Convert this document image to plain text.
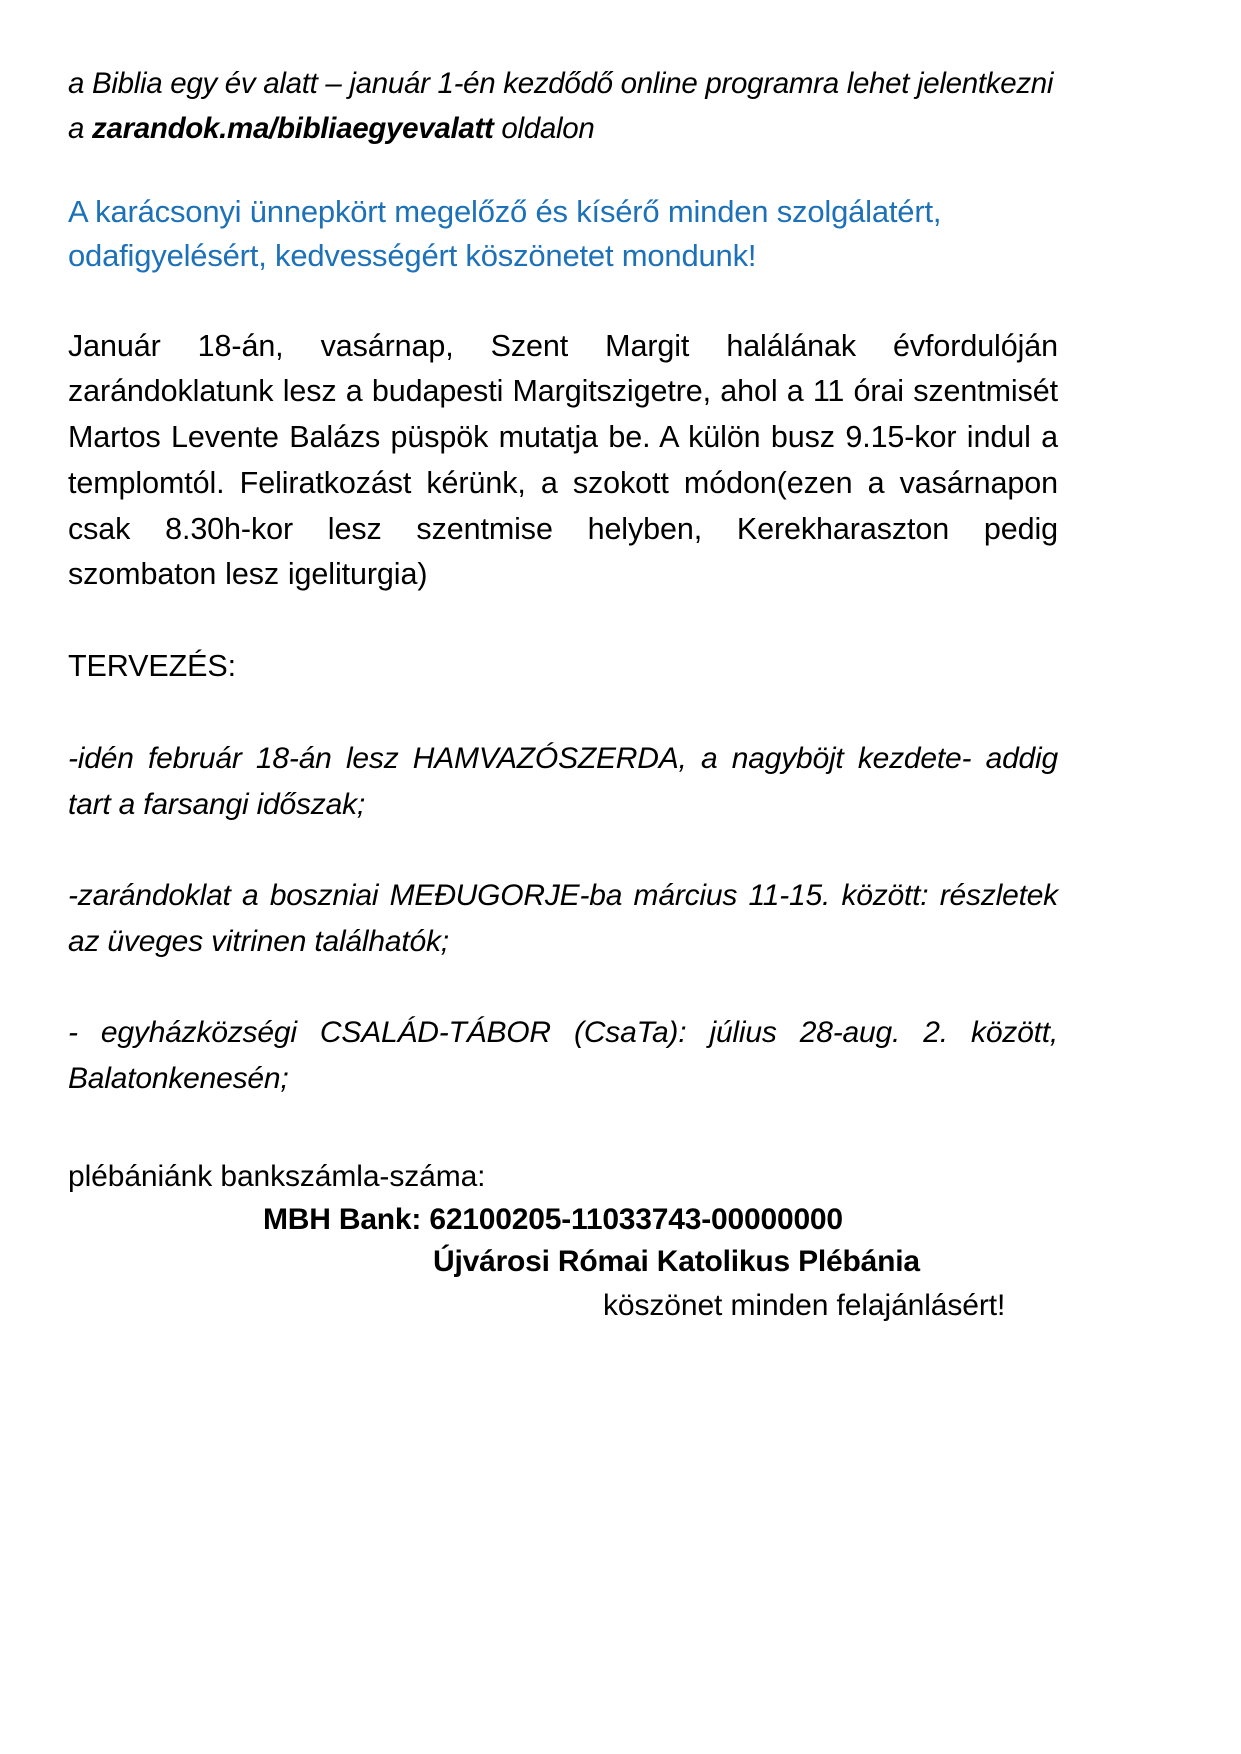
a Biblia egy év alatt – január 1-én kezdődő online programra lehet jelentkezni a zarandok.ma/bibliaegyevalatt oldalon

A karácsonyi ünnepkört megelőző és kísérő minden szolgálatért, odafigyelésért, kedvességért köszönetet mondunk!

Január 18-án, vasárnap, Szent Margit halálának évfordulóján zarándoklatunk lesz a budapesti Margitszigetre, ahol a 11 órai szentmisét Martos Levente Balázs püspök mutatja be. A külön busz 9.15-kor indul a templomtól. Feliratkozást kérünk, a szokott módon(ezen a vasárnapon csak 8.30h-kor lesz szentmise helyben, Kerekharaszton pedig szombaton lesz igeliturgia)

TERVEZÉS:

-idén február 18-án lesz HAMVAZÓSZERDA, a nagyböjt kezdete- addig tart a farsangi időszak;

-zarándoklat a boszniai MEĐUGORJE-ba március 11-15. között: részletek az üveges vitrinen találhatók;

- egyházközségi CSALÁD-TÁBOR (CsaTa): július 28-aug. 2. között, Balatonkenesén;

plébániánk bankszámla-száma:

MBH Bank: 62100205-11033743-00000000

Újvárosi Római Katolikus Plébánia

köszönet minden felajánlásért!
